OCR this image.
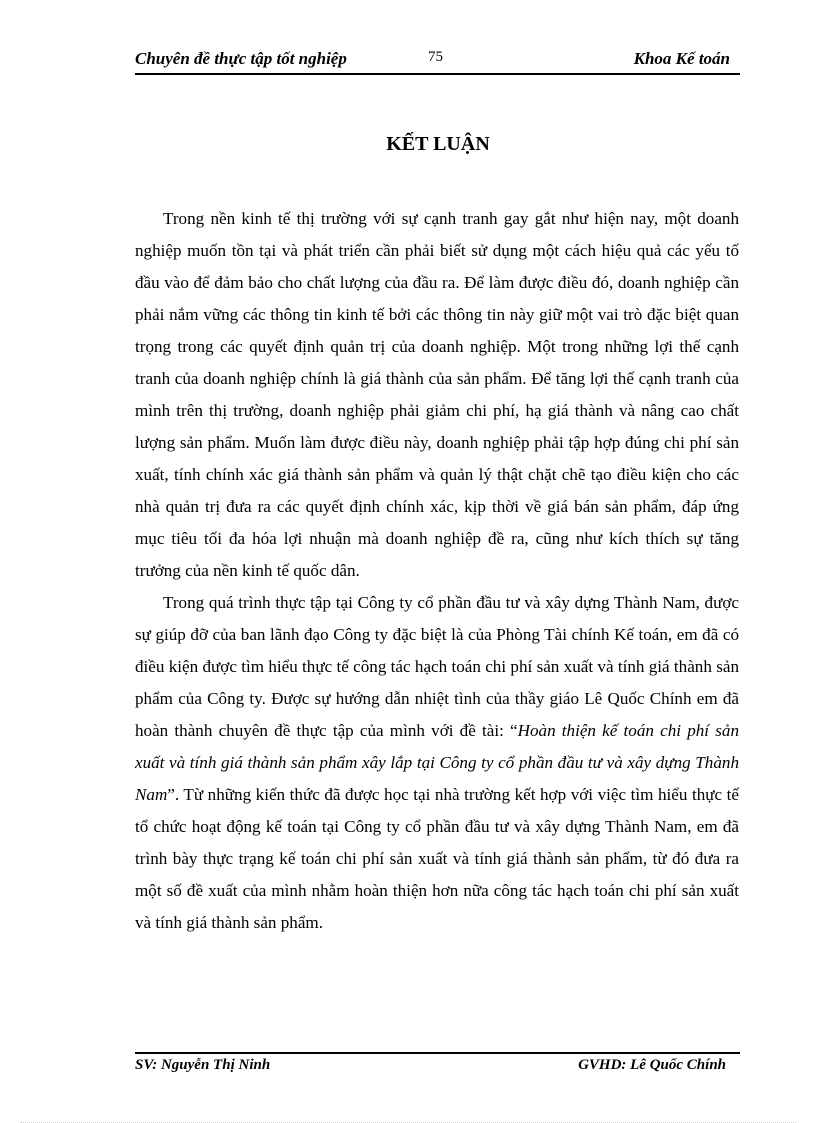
Chuyên đề thực tập tốt nghiệp	75	Khoa Kế toán
KẾT LUẬN

Trong nền kinh tế thị trường với sự cạnh tranh gay gắt như hiện nay, một doanh nghiệp muốn tồn tại và phát triển cần phải biết sử dụng một cách hiệu quả các yếu tố đầu vào để đảm bảo cho chất lượng của đầu ra. Để làm được điều đó, doanh nghiệp cần phải nắm vững các thông tin kinh tế bởi các thông tin này giữ một vai trò đặc biệt quan trọng trong các quyết định quản trị của doanh nghiệp. Một trong những lợi thế cạnh tranh của doanh nghiệp chính là giá thành của sản phẩm. Để tăng lợi thế cạnh tranh của mình trên thị trường, doanh nghiệp phải giảm chi phí, hạ giá thành và nâng cao chất lượng sản phẩm. Muốn làm được điều này, doanh nghiệp phải tập hợp đúng chi phí sản xuất, tính chính xác giá thành sản phẩm và quản lý thật chặt chẽ tạo điều kiện cho các nhà quản trị đưa ra các quyết định chính xác, kịp thời về giá bán sản phẩm, đáp ứng mục tiêu tối đa hóa lợi nhuận mà doanh nghiệp đề ra, cũng như kích thích sự tăng trưởng của nền kinh tế quốc dân.

Trong quá trình thực tập tại Công ty cổ phần đầu tư và xây dựng Thành Nam, được sự giúp đỡ của ban lãnh đạo Công ty đặc biệt là của Phòng Tài chính Kế toán, em đã có điều kiện được tìm hiểu thực tế công tác hạch toán chi phí sản xuất và tính giá thành sản phẩm của Công ty. Được sự hướng dẫn nhiệt tình của thầy giáo Lê Quốc Chính em đã hoàn thành chuyên đề thực tập của mình với đề tài: “Hoàn thiện kế toán chi phí sản xuất và tính giá thành sản phẩm xây lắp tại Công ty cổ phần đầu tư và xây dựng Thành Nam”. Từ những kiến thức đã được học tại nhà trường kết hợp với việc tìm hiểu thực tế tổ chức hoạt động kế toán tại Công ty cổ phần đầu tư và xây dựng Thành Nam, em đã trình bày thực trạng kế toán chi phí sản xuất và tính giá thành sản phẩm, từ đó đưa ra một số đề xuất của mình nhằm hoàn thiện hơn nữa công tác hạch toán chi phí sản xuất và tính giá thành sản phẩm.

SV: Nguyễn Thị Ninh	GVHD: Lê Quốc Chính
